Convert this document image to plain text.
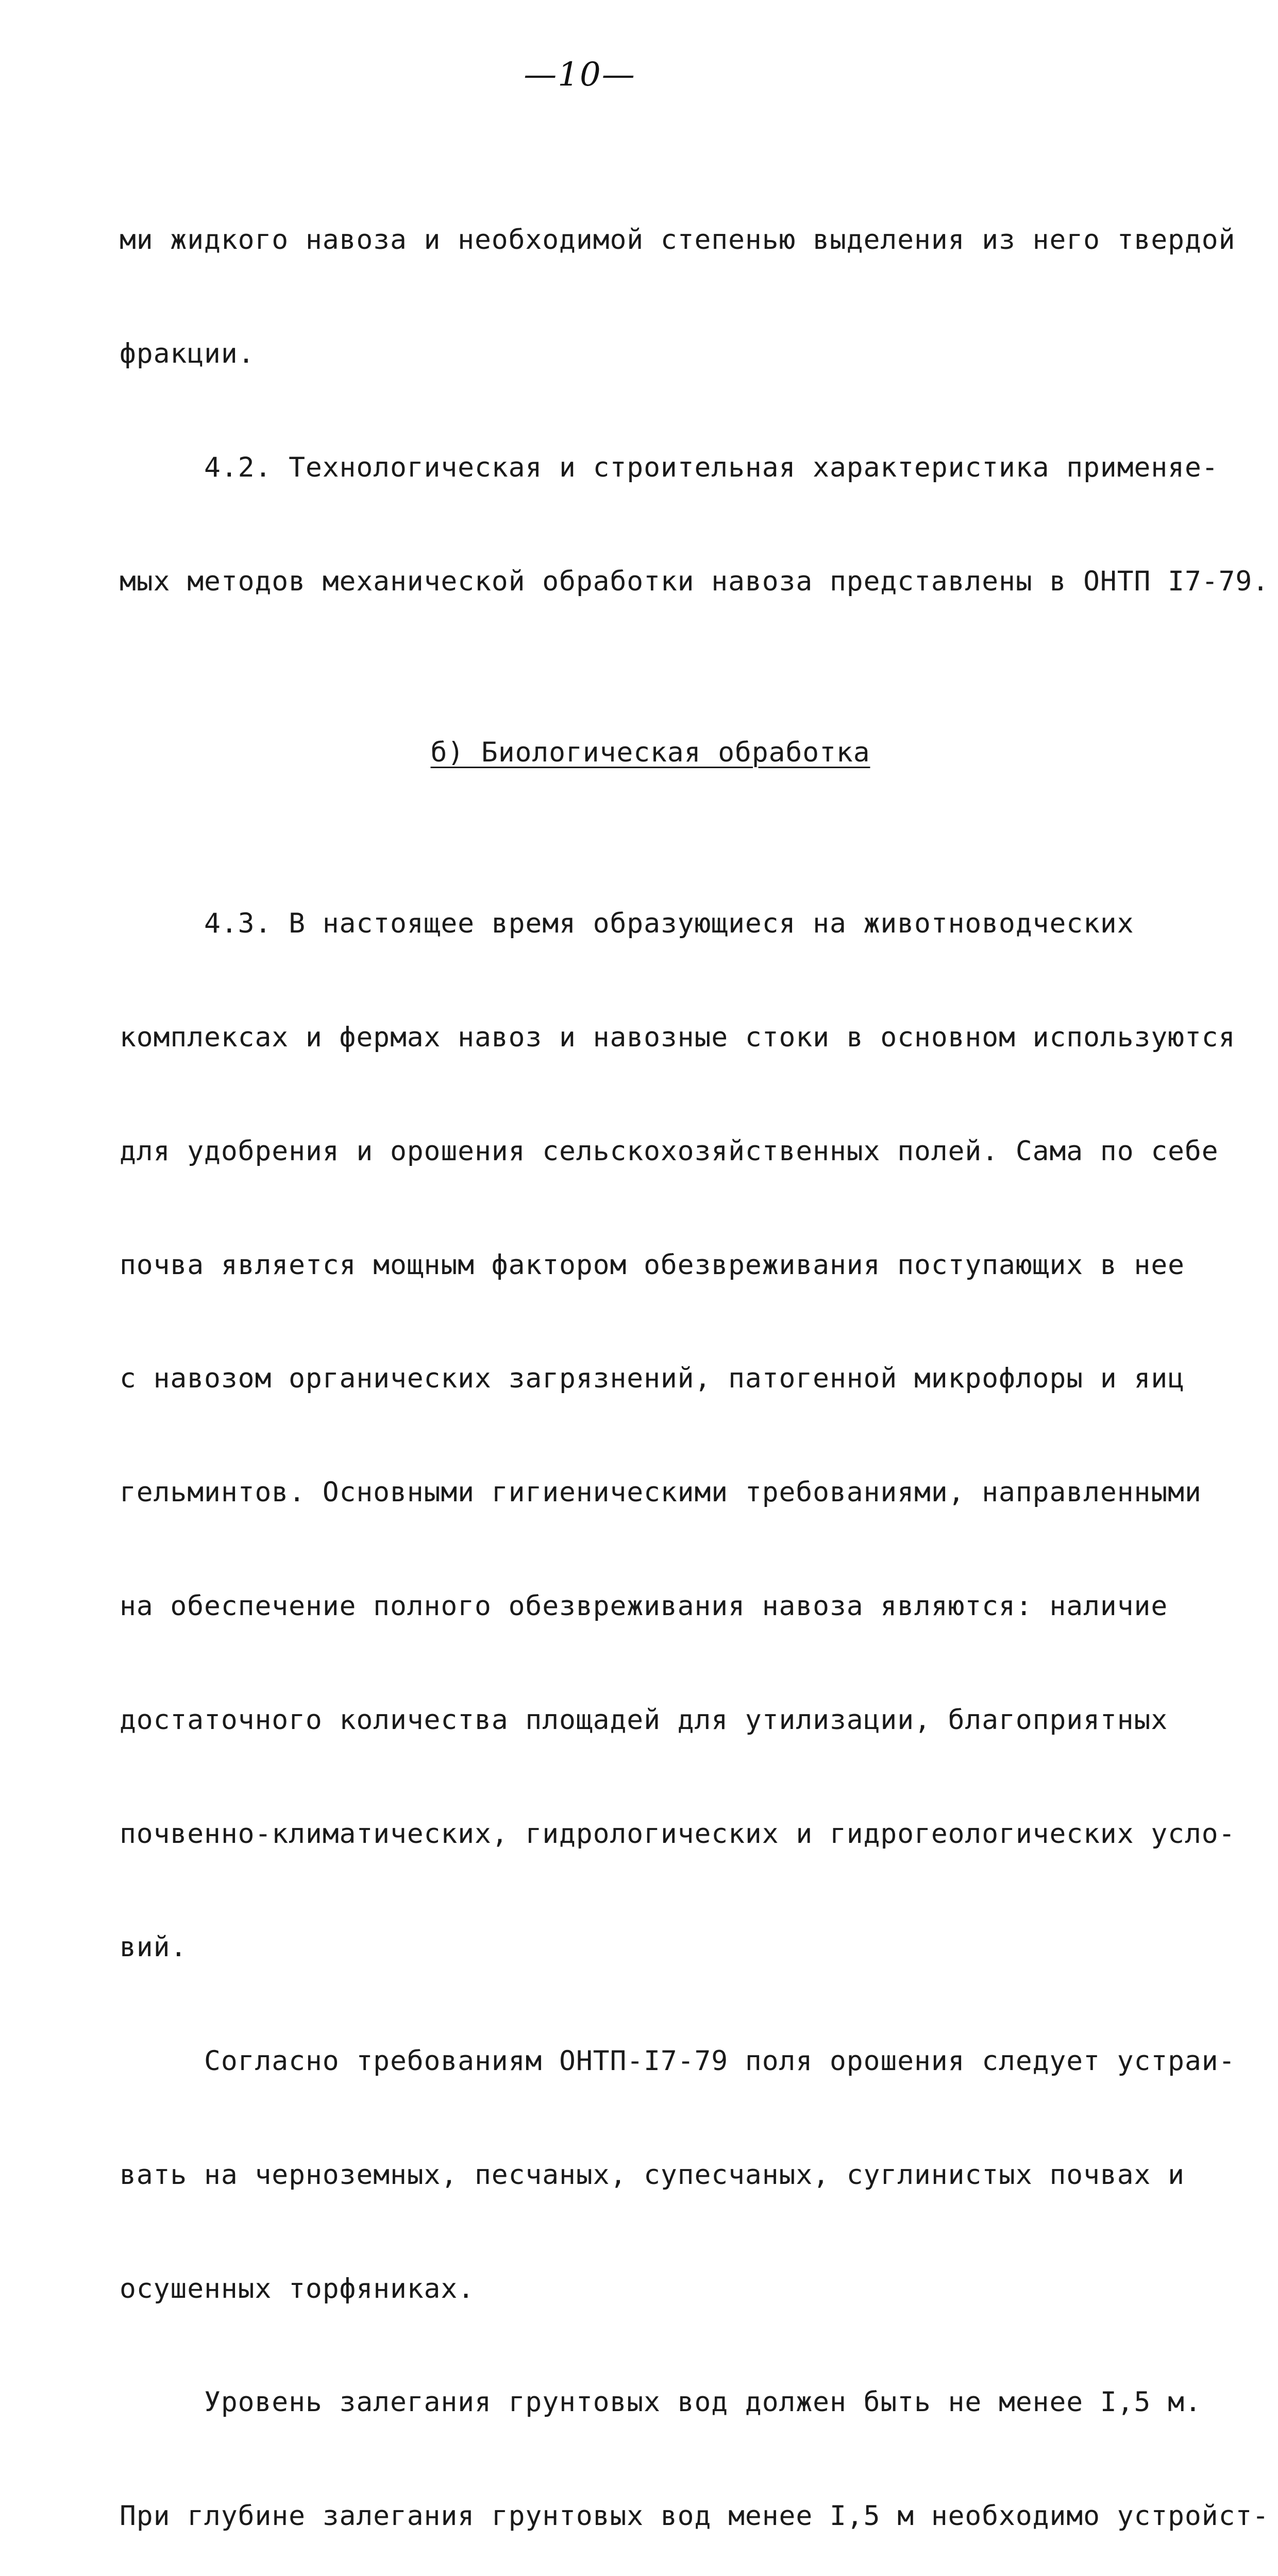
—10—

ми жидкого навоза и необходимой степенью выделения из него твердой

фракции.

4.2. Технологическая и строительная характеристика применяе-

мых методов механической обработки навоза представлены в ОНТП I7-79.

б) Биологическая обработка

4.3. В настоящее время образующиеся на животноводческих

комплексах и фермах навоз и навозные стоки в основном используются

для удобрения и орошения сельскохозяйственных полей. Сама по себе

почва является мощным фактором обезвреживания поступающих в нее

с навозом органических загрязнений, патогенной микрофлоры и яиц

гельминтов. Основными гигиеническими требованиями, направленными

на обеспечение полного обезвреживания навоза являются: наличие

достаточного количества площадей для утилизации, благоприятных

почвенно-климатических, гидрологических и гидрогеологических усло-

вий.

Согласно требованиям ОНТП-I7-79 поля орошения следует устраи-

вать на черноземных, песчаных, супесчаных, суглинистых почвах и

осушенных торфяниках.

Уровень залегания грунтовых вод должен быть не менее I,5 м.

При глубине залегания грунтовых вод менее I,5 м необходимо устройст-
